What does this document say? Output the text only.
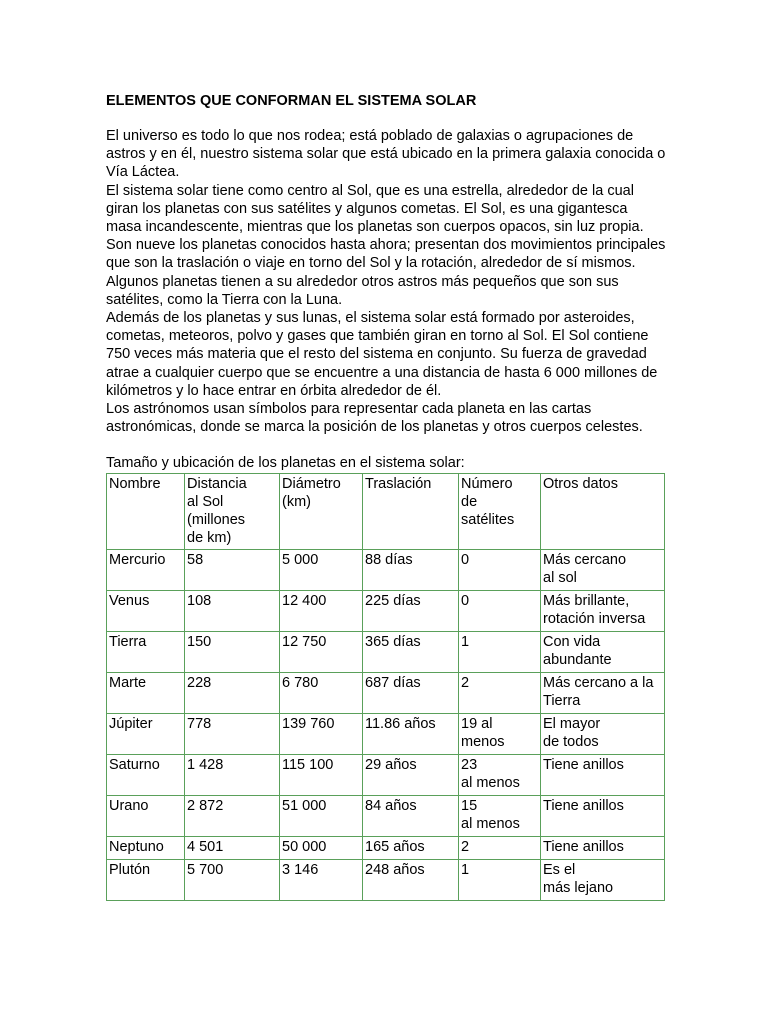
ELEMENTOS QUE CONFORMAN EL SISTEMA SOLAR

El universo es todo lo que nos rodea; está poblado de galaxias o agrupaciones de astros y en él, nuestro sistema solar que está ubicado en la primera galaxia conocida o Vía Láctea.

El sistema solar tiene como centro al Sol, que es una estrella, alrededor de la cual giran los planetas con sus satélites y algunos cometas. El Sol, es una gigantesca masa incandescente, mientras que los planetas son cuerpos opacos, sin luz propia. Son nueve los planetas conocidos hasta ahora; presentan dos movimientos principales que son la traslación o viaje en torno del Sol y la rotación, alrededor de sí mismos.

Algunos planetas tienen a su alrededor otros astros más pequeños que son sus satélites, como la Tierra con la Luna.

Además de los planetas y sus lunas, el sistema solar está formado por asteroides, cometas, meteoros, polvo y gases que también giran en torno al Sol. El Sol contiene 750 veces más materia que el resto del sistema en conjunto. Su fuerza de gravedad atrae a cualquier cuerpo que se encuentre a una distancia de hasta 6 000 millones de kilómetros y lo hace entrar en órbita alrededor de él.

Los astrónomos usan símbolos para representar cada planeta en las cartas astronómicas, donde se marca la posición de los planetas y otros cuerpos celestes.

Tamaño y ubicación de los planetas en el sistema solar:
Nombre	Distancia
al Sol
(millones
de km)	Diámetro
(km)	Traslación	Número
de
satélites	Otros datos
Mercurio	58	5 000	88 días	0	Más cercano
al sol
Venus	108	12 400	225 días	0	Más brillante,
rotación inversa
Tierra	150	12 750	365 días	1	Con vida
abundante
Marte	228	6 780	687 días	2	Más cercano a la
Tierra
Júpiter	778	139 760	11.86 años	19 al
menos	El mayor
de todos
Saturno	1 428	115 100	29 años	23
al menos	Tiene anillos
Urano	2 872	51 000	84 años	15
al menos	Tiene anillos
Neptuno	4 501	50 000	165 años	2	Tiene anillos
Plutón	5 700	3 146	248 años	1	Es el
más lejano
